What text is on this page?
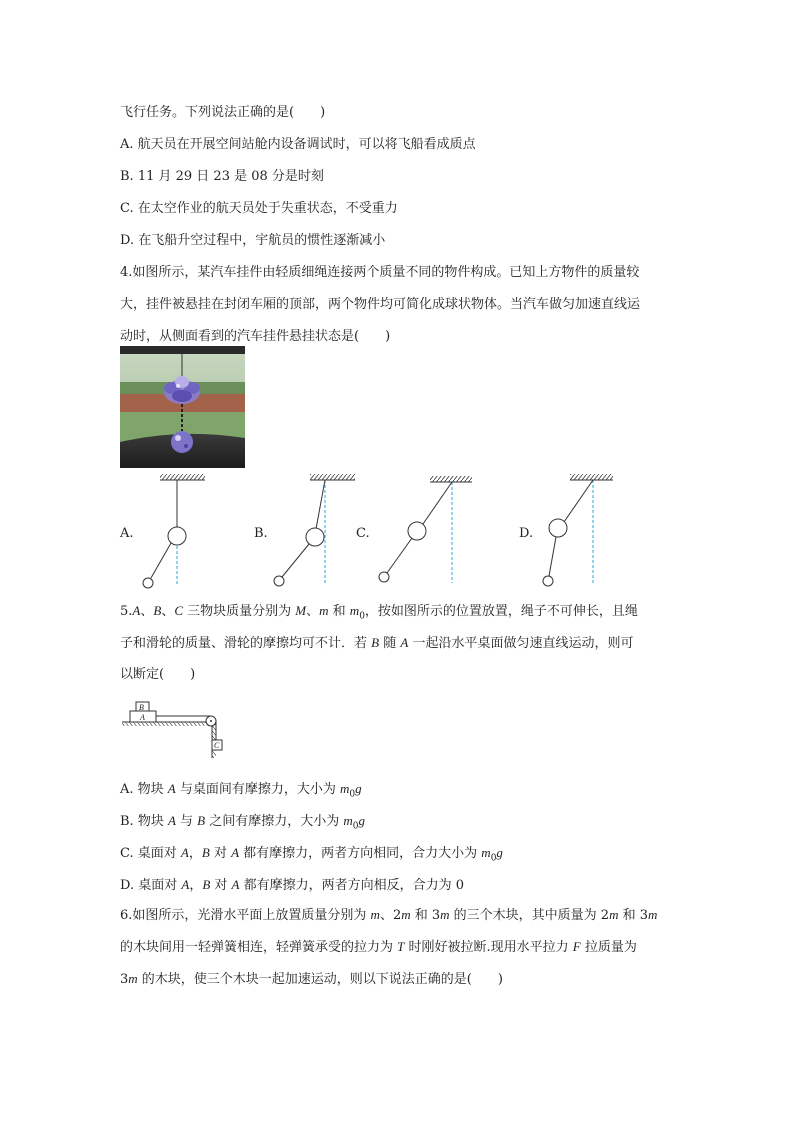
飞行任务。下列说法正确的是(　　)
A. 航天员在开展空间站舱内设备调试时，可以将飞船看成质点
B. 11 月 29 日 23 是 08 分是时刻
C. 在太空作业的航天员处于失重状态，不受重力
D. 在飞船升空过程中，宇航员的惯性逐渐减小
4.如图所示，某汽车挂件由轻质细绳连接两个质量不同的物件构成。已知上方物件的质量较
大，挂件被悬挂在封闭车厢的顶部，两个物件均可简化成球状物体。当汽车做匀加速直线运
动时，从侧面看到的汽车挂件悬挂状态是(　　)
A.	B.	C.	D.
5.A、B、C 三物块质量分别为 M、m 和 $m_0$，按如图所示的位置放置，绳子不可伸长，且绳
子和滑轮的质量、滑轮的摩擦均可不计．若 B 随 A 一起沿水平桌面做匀速直线运动，则可
以断定(　　)
B
A
C
A. 物块 A 与桌面间有摩擦力，大小为 $m_0g$
B. 物块 A 与 B 之间有摩擦力，大小为 $m_0g$
C. 桌面对 A，B 对 A 都有摩擦力，两者方向相同，合力大小为 $m_0g$
D. 桌面对 A，B 对 A 都有摩擦力，两者方向相反，合力为 0
6.如图所示，光滑水平面上放置质量分别为 m、2m 和 3m 的三个木块，其中质量为 2m 和 3m
的木块间用一轻弹簧相连，轻弹簧承受的拉力为 T 时刚好被拉断.现用水平拉力 F 拉质量为
3m 的木块，使三个木块一起加速运动，则以下说法正确的是(　　)
